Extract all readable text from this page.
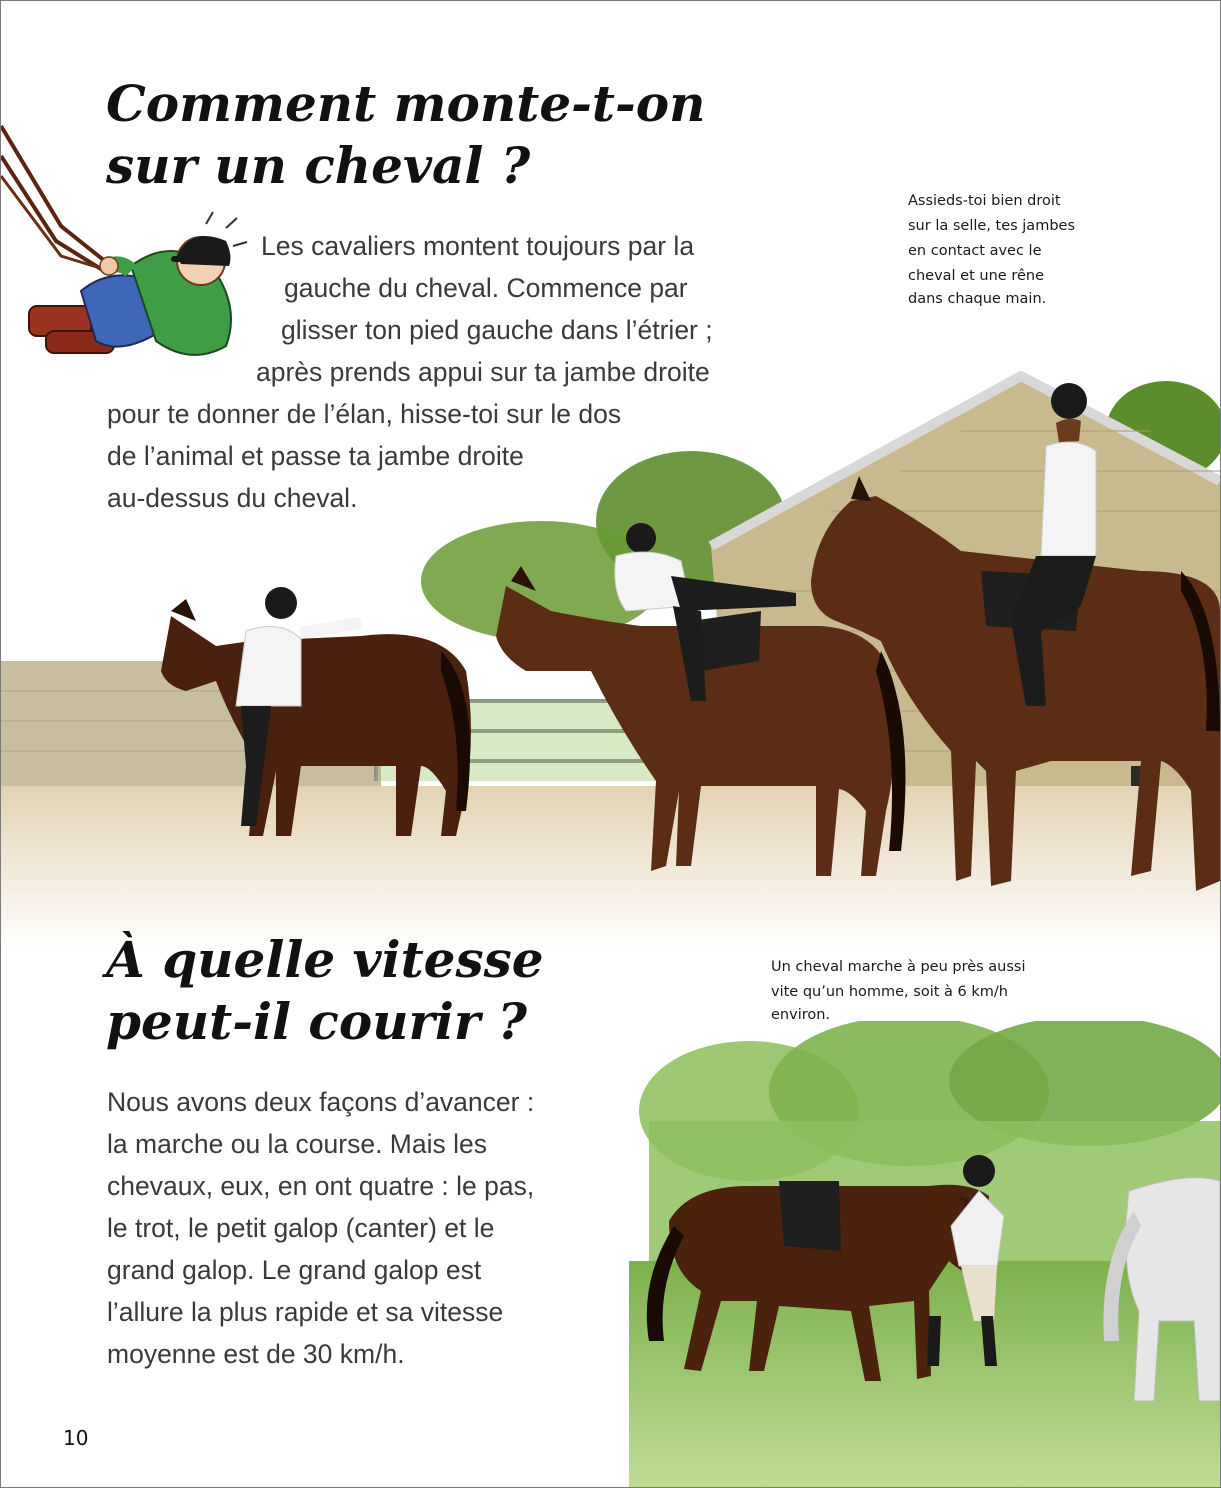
Comment monte-t-on
sur un cheval ?
Les cavaliers montent toujours par la
gauche du cheval. Commence par
glisser ton pied gauche dans l’étrier ;
après prends appui sur ta jambe droite
pour te donner de l’élan, hisse-toi sur le dos
de l’animal et passe ta jambe droite
au-dessus du cheval.
Assieds-toi bien droit
sur la selle, tes jambes
en contact avec le
cheval et une rêne
dans chaque main.
À quelle vitesse
peut-il courir ?
Un cheval marche à peu près aussi
vite qu’un homme, soit à 6 km/h
environ.
Nous avons deux façons d’avancer :
la marche ou la course. Mais les
chevaux, eux, en ont quatre : le pas,
le trot, le petit galop (canter) et le
grand galop. Le grand galop est
l’allure la plus rapide et sa vitesse
moyenne est de 30 km/h.
10
